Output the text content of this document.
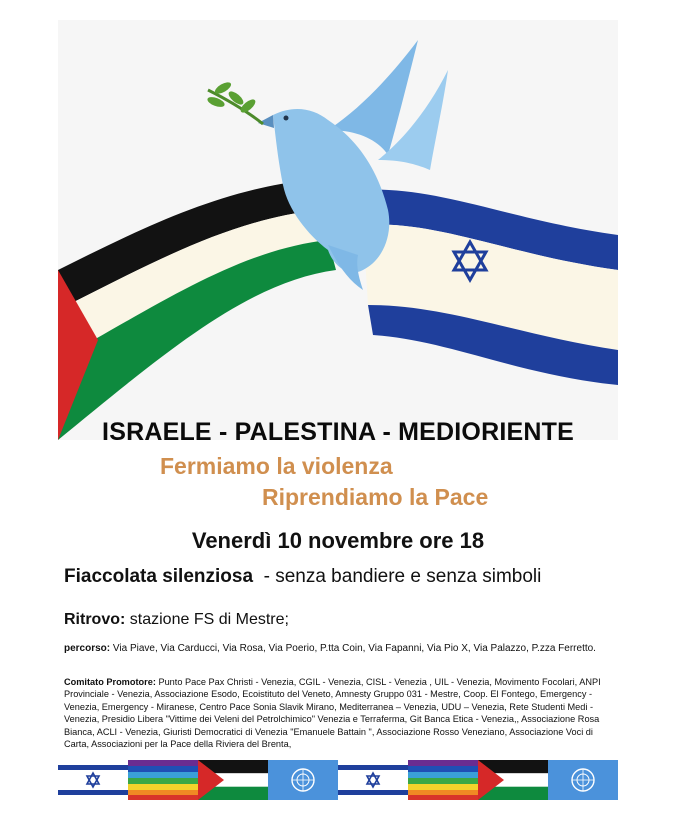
ISRAELE - PALESTINA - MEDIORIENTE
Fermiamo la violenza
Riprendiamo la Pace
Venerdì 10 novembre ore 18
Fiaccolata silenziosa - senza bandiere e senza simboli
Ritrovo: stazione FS di Mestre;
percorso: Via Piave, Via Carducci, Via Rosa, Via Poerio, P.tta Coin, Via Fapanni, Via Pio X, Via Palazzo, P.zza Ferretto.
Comitato Promotore: Punto Pace Pax Christi - Venezia, CGIL - Venezia, CISL - Venezia , UIL - Venezia, Movimento Focolari, ANPI Provinciale - Venezia, Associazione Esodo, Ecoistituto del Veneto, Amnesty Gruppo 031 - Mestre, Coop. El Fontego, Emergency - Venezia, Emergency - Miranese, Centro Pace Sonia Slavik Mirano, Mediterranea – Venezia, UDU – Venezia, Rete Studenti Medi -Venezia, Presidio Libera "Vittime dei Veleni del Petrolchimico" Venezia e Terraferma, Git Banca Etica - Venezia,, Associazione Rosa Bianca, ACLI - Venezia, Giuristi Democratici di Venezia "Emanuele Battain ", Associazione Rosso Veneziano, Associazione Voci di Carta, Associazioni per la Pace della Riviera del Brenta,
